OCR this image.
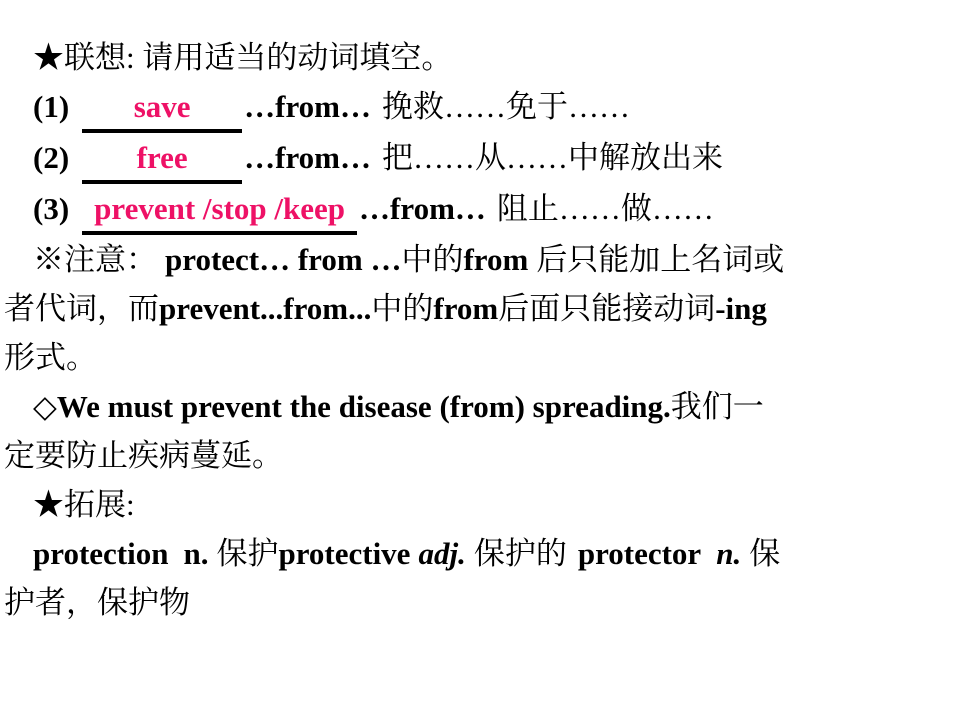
★联想: 请用适当的动词填空。
(1) save …from… 挽救……免于……
(2) free …from… 把……从……中解放出来
(3) prevent /stop /keep …from… 阻止……做……
※注意： protect… from …中的from 后只能加上名词或
者代词，而prevent...from...中的from后面只能接动词-ing
形式。
◇We must prevent the disease (from) spreading.我们一
定要防止疾病蔓延。
★拓展:
protection n. 保护protective adj. 保护的 protector n. 保
护者，保护物
